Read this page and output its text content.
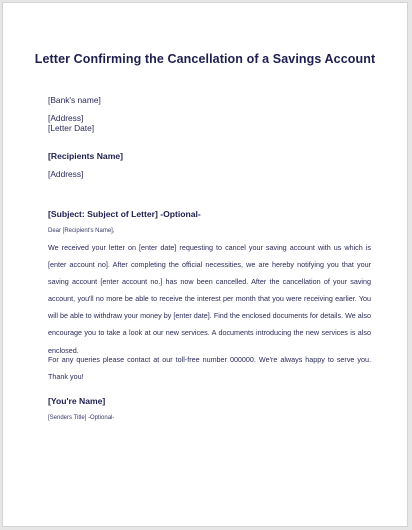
Letter Confirming the Cancellation of a Savings Account
[Bank's name]
[Address]
[Letter Date]
[Recipients Name]
[Address]
[Subject: Subject of Letter] -Optional-
Dear [Recipient's Name],
We received your letter on [enter date] requesting to cancel your saving account with us which is [enter account no]. After completing the official necessities, we are hereby notifying you that your saving account [enter account no.] has now been cancelled. After the cancellation of your saving account, you'll no more be able to receive the interest per month that you were receiving earlier. You will be able to withdraw your money by [enter date]. Find the enclosed documents for details. We also encourage you to take a look at our new services. A documents introducing the new services is also enclosed.
For any queries please contact at our toll-free number 000000. We're always happy to serve you. Thank you!
[You're Name]
[Senders Title] -Optional-
